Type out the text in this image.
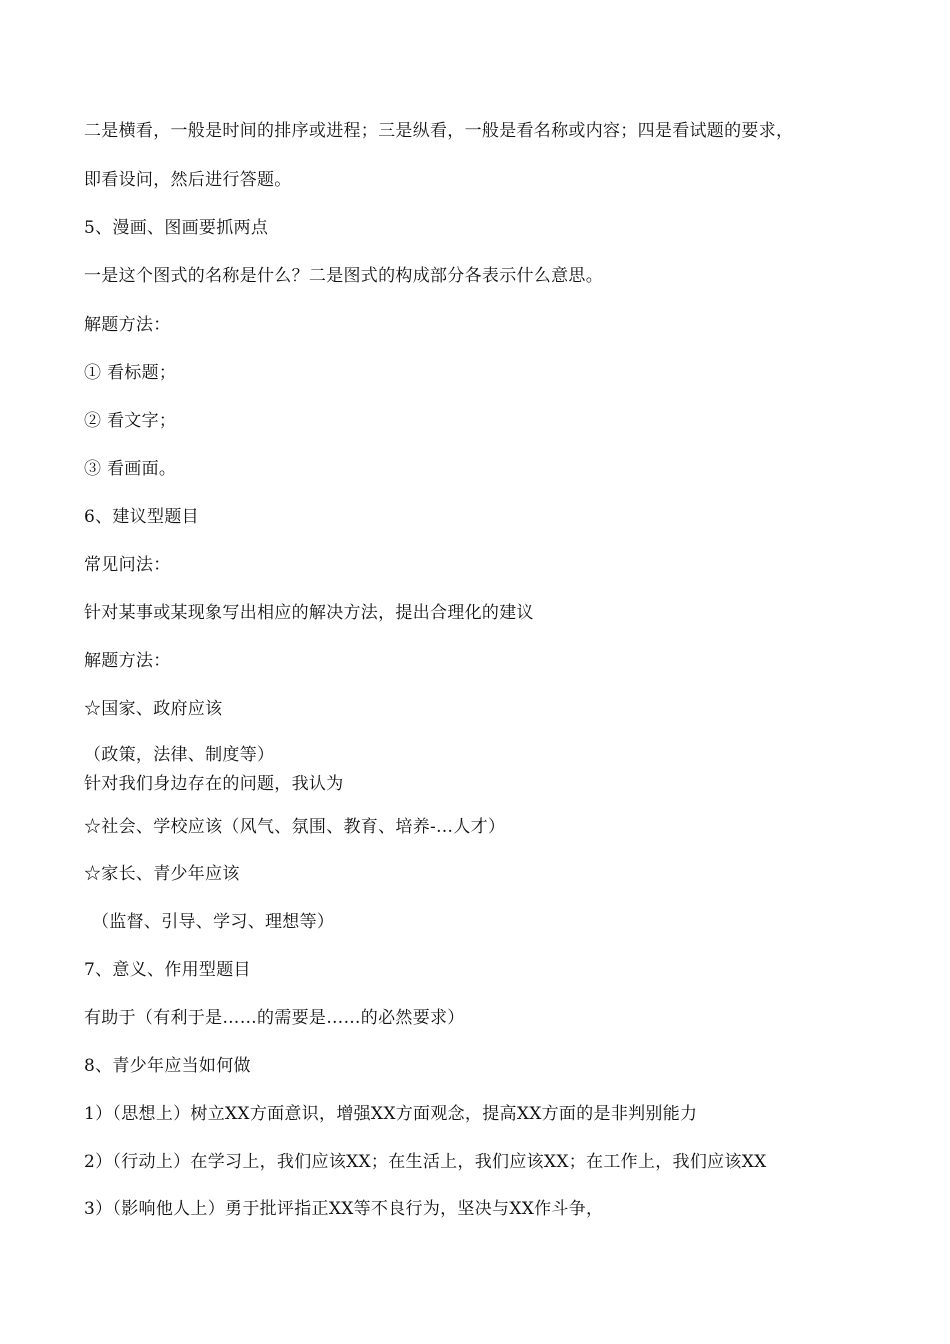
二是横看，一般是时间的排序或进程；三是纵看，一般是看名称或内容；四是看试题的要求，
即看设问，然后进行答题。
5、漫画、图画要抓两点
一是这个图式的名称是什么？二是图式的构成部分各表示什么意思。
解题方法：
① 看标题；
② 看文字；
③ 看画面。
6、建议型题目
常见问法：
针对某事或某现象写出相应的解决方法，提出合理化的建议
解题方法：
☆国家、政府应该
（政策，法律、制度等）
针对我们身边存在的问题，我认为
☆社会、学校应该（风气、氛围、教育、培养-…人才）
☆家长、青少年应该
（监督、引导、学习、理想等）
7、意义、作用型题目
有助于（有利于是……的需要是……的必然要求）
8、青少年应当如何做
1）（思想上）树立XX方面意识，增强XX方面观念，提高XX方面的是非判别能力
2）（行动上）在学习上，我们应该XX；在生活上，我们应该XX；在工作上，我们应该XX
3）（影响他人上）勇于批评指正XX等不良行为，坚决与XX作斗争，
